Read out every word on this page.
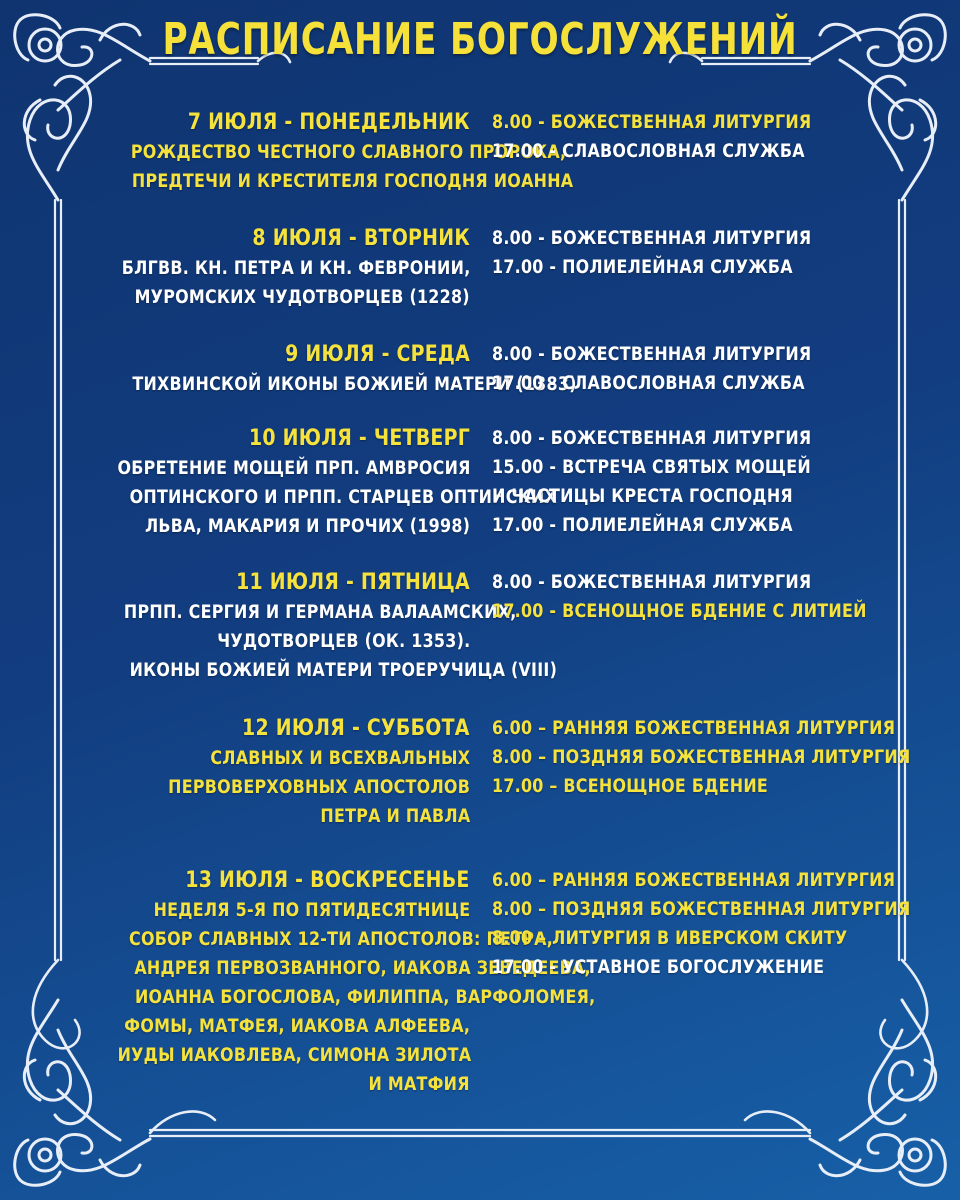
РАСПИСАНИЕ БОГОСЛУЖЕНИЙ
7 ИЮЛЯ - ПОНЕДЕЛЬНИК
РОЖДЕСТВО ЧЕСТНОГО СЛАВНОГО ПРОРОКА,
ПРЕДТЕЧИ И КРЕСТИТЕЛЯ ГОСПОДНЯ ИОАННА
8.00 - БОЖЕСТВЕННАЯ ЛИТУРГИЯ
17.00 - СЛАВОСЛОВНАЯ СЛУЖБА
8 ИЮЛЯ - ВТОРНИК
БЛГВВ. КН. ПЕТРА И КН. ФЕВРОНИИ,
МУРОМСКИХ ЧУДОТВОРЦЕВ (1228)
8.00 - БОЖЕСТВЕННАЯ ЛИТУРГИЯ
17.00 - ПОЛИЕЛЕЙНАЯ СЛУЖБА
9 ИЮЛЯ - СРЕДА
ТИХВИНСКОЙ ИКОНЫ БОЖИЕЙ МАТЕРИ (1383)
8.00 - БОЖЕСТВЕННАЯ ЛИТУРГИЯ
17.00 - СЛАВОСЛОВНАЯ СЛУЖБА
10 ИЮЛЯ - ЧЕТВЕРГ
ОБРЕТЕНИЕ МОЩЕЙ ПРП. АМВРОСИЯ
ОПТИНСКОГО И ПРПП. СТАРЦЕВ ОПТИНСКИХ
ЛЬВА, МАКАРИЯ И ПРОЧИХ (1998)
8.00 - БОЖЕСТВЕННАЯ ЛИТУРГИЯ
15.00 - ВСТРЕЧА СВЯТЫХ МОЩЕЙ
И ЧАСТИЦЫ КРЕСТА ГОСПОДНЯ
17.00 - ПОЛИЕЛЕЙНАЯ СЛУЖБА
11 ИЮЛЯ - ПЯТНИЦА
ПРПП. СЕРГИЯ И ГЕРМАНА ВАЛААМСКИХ,
ЧУДОТВОРЦЕВ (ОК. 1353).
ИКОНЫ БОЖИЕЙ МАТЕРИ ТРОЕРУЧИЦА (VIII)
8.00 - БОЖЕСТВЕННАЯ ЛИТУРГИЯ
17.00 - ВСЕНОЩНОЕ БДЕНИЕ С ЛИТИЕЙ
12 ИЮЛЯ - СУББОТА
СЛАВНЫХ И ВСЕХВАЛЬНЫХ
ПЕРВОВЕРХОВНЫХ АПОСТОЛОВ
ПЕТРА И ПАВЛА
6.00 – РАННЯЯ БОЖЕСТВЕННАЯ ЛИТУРГИЯ
8.00 – ПОЗДНЯЯ БОЖЕСТВЕННАЯ ЛИТУРГИЯ
17.00 – ВСЕНОЩНОЕ БДЕНИЕ
13 ИЮЛЯ - ВОСКРЕСЕНЬЕ
НЕДЕЛЯ 5-Я ПО ПЯТИДЕСЯТНИЦЕ
СОБОР СЛАВНЫХ 12-ТИ АПОСТОЛОВ: ПЕТРА,
АНДРЕЯ ПЕРВОЗВАННОГО, ИАКОВА ЗЕВЕДЕЕВА,
ИОАННА БОГОСЛОВА, ФИЛИППА, ВАРФОЛОМЕЯ,
ФОМЫ, МАТФЕЯ, ИАКОВА АЛФЕЕВА,
ИУДЫ ИАКОВЛЕВА, СИМОНА ЗИЛОТА
И МАТФИЯ
6.00 – РАННЯЯ БОЖЕСТВЕННАЯ ЛИТУРГИЯ
8.00 – ПОЗДНЯЯ БОЖЕСТВЕННАЯ ЛИТУРГИЯ
8.00 – ЛИТУРГИЯ В ИВЕРСКОМ СКИТУ
17.00 - УСТАВНОЕ БОГОСЛУЖЕНИЕ
